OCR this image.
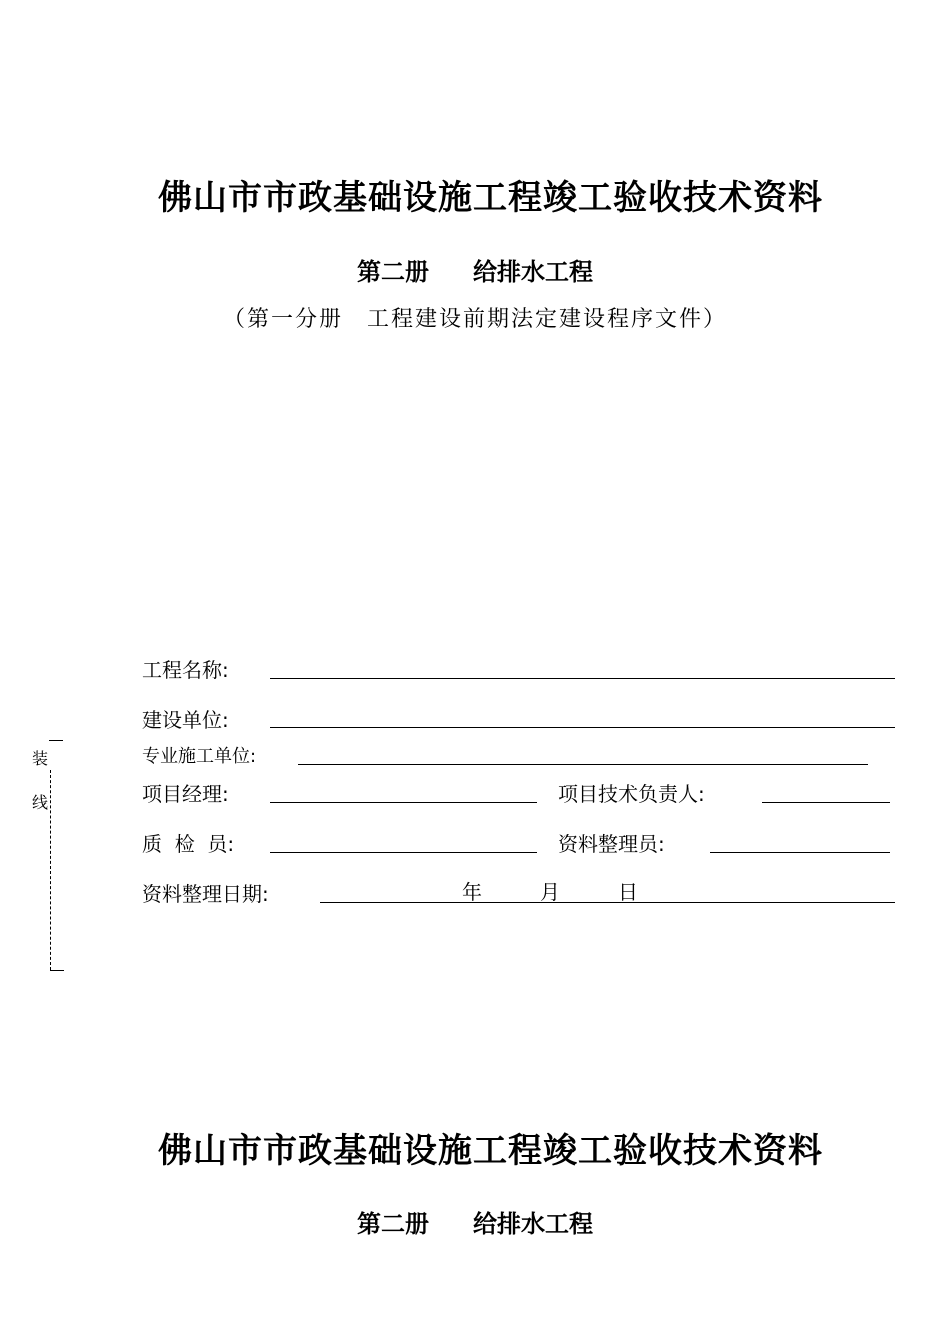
佛山市市政基础设施工程竣工验收技术资料
第二册 给排水工程
（第一分册　工程建设前期法定建设程序文件）
工程名称:
建设单位:
专业施工单位:
项目经理:	项目技术负责人:
质  检  员:	资料整理员:
资料整理日期:	年	月	日
装
线
佛山市市政基础设施工程竣工验收技术资料
第二册 给排水工程
